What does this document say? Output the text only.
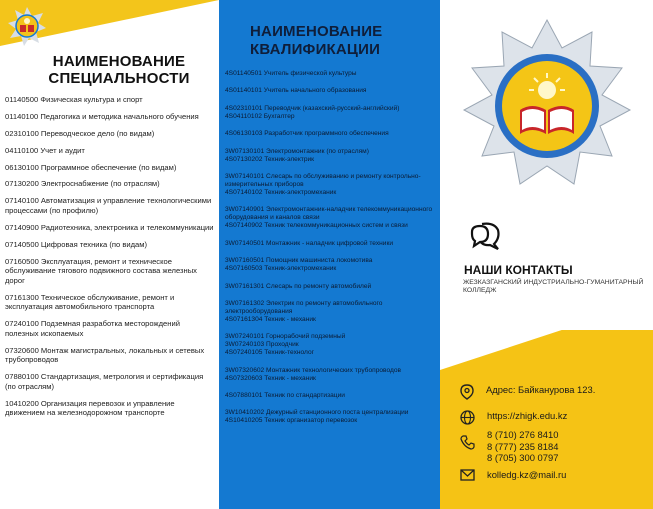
НАИМЕНОВАНИЕ СПЕЦИАЛЬНОСТИ
01140500 Физическая культура и спорт
01140100 Педагогика и методика начального обучения
02310100 Переводческое дело (по видам)
04110100 Учет и аудит
06130100 Программное обеспечение (по видам)
07130200 Электроснабжение (по отраслям)
07140100 Автоматизация и управление технологическими процессами (по профилю)
07140900 Радиотехника, электроника и телекоммуникации
07140500 Цифровая техника (по видам)
07160500 Эксплуатация, ремонт и техническое обслуживание тягового подвижного состава железных дорог
07161300 Техническое обслуживание, ремонт и эксплуатация автомобильного транспорта
07240100 Подземная разработка месторождений полезных ископаемых
07320600 Монтаж магистральных, локальных и сетевых трубопроводов
07880100 Стандартизация, метрология и сертификация (по отраслям)
10410200 Организация перевозок и управление движением на железнодорожном транспорте
НАИМЕНОВАНИЕ КВАЛИФИКАЦИИ
4S01140501 Учитель физической культуры
4S01140101 Учитель начального образования
4S02310101 Переводчик (казахский-русский-английский)
4S04110102 Бухгалтер
4S06130103 Разработчик программного обеспечения
3W07130101 Электромонтажник (по отраслям)
4S07130202 Техник-электрик
3W07140101 Слесарь по обслуживанию и ремонту контрольно-измерительных приборов
4S07140102 Техник-электромеханик
3W07140901 Электромонтажник-наладчик телекоммуникационного оборудования и каналов связи
4S07140902 Техник телекоммуникационных систем и связи
3W07140501 Монтажник - наладчик цифровой техники
3W07160501 Помощник машиниста локомотива
4S07160503 Техник-электромеханик
3W07161301 Слесарь по ремонту автомобилей
3W07161302 Электрик по ремонту автомобильного электрооборудования
4S07161304 Техник - механик
3W07240101 Горнорабочий подземный
3W07240103 Проходчик
4S07240105 Техник-технолог
3W07320602 Монтажник технологических трубопроводов
4S07320603 Техник - механик
4S07880101 Техник по стандартизации
3W10410202 Дежурный станционного поста централизации
4S10410205 Техник организатор перевозок
НАШИ КОНТАКТЫ
ЖЕЗКАЗГАНСКИЙ ИНДУСТРИАЛЬНО-ГУМАНИТАРНЫЙ КОЛЛЕДЖ
Адрес: Байканурова 123.
https://zhigk.edu.kz
8 (710) 276 8410
8 (777) 235 8184
8 (705) 300 0797
kolledg.kz@mail.ru
